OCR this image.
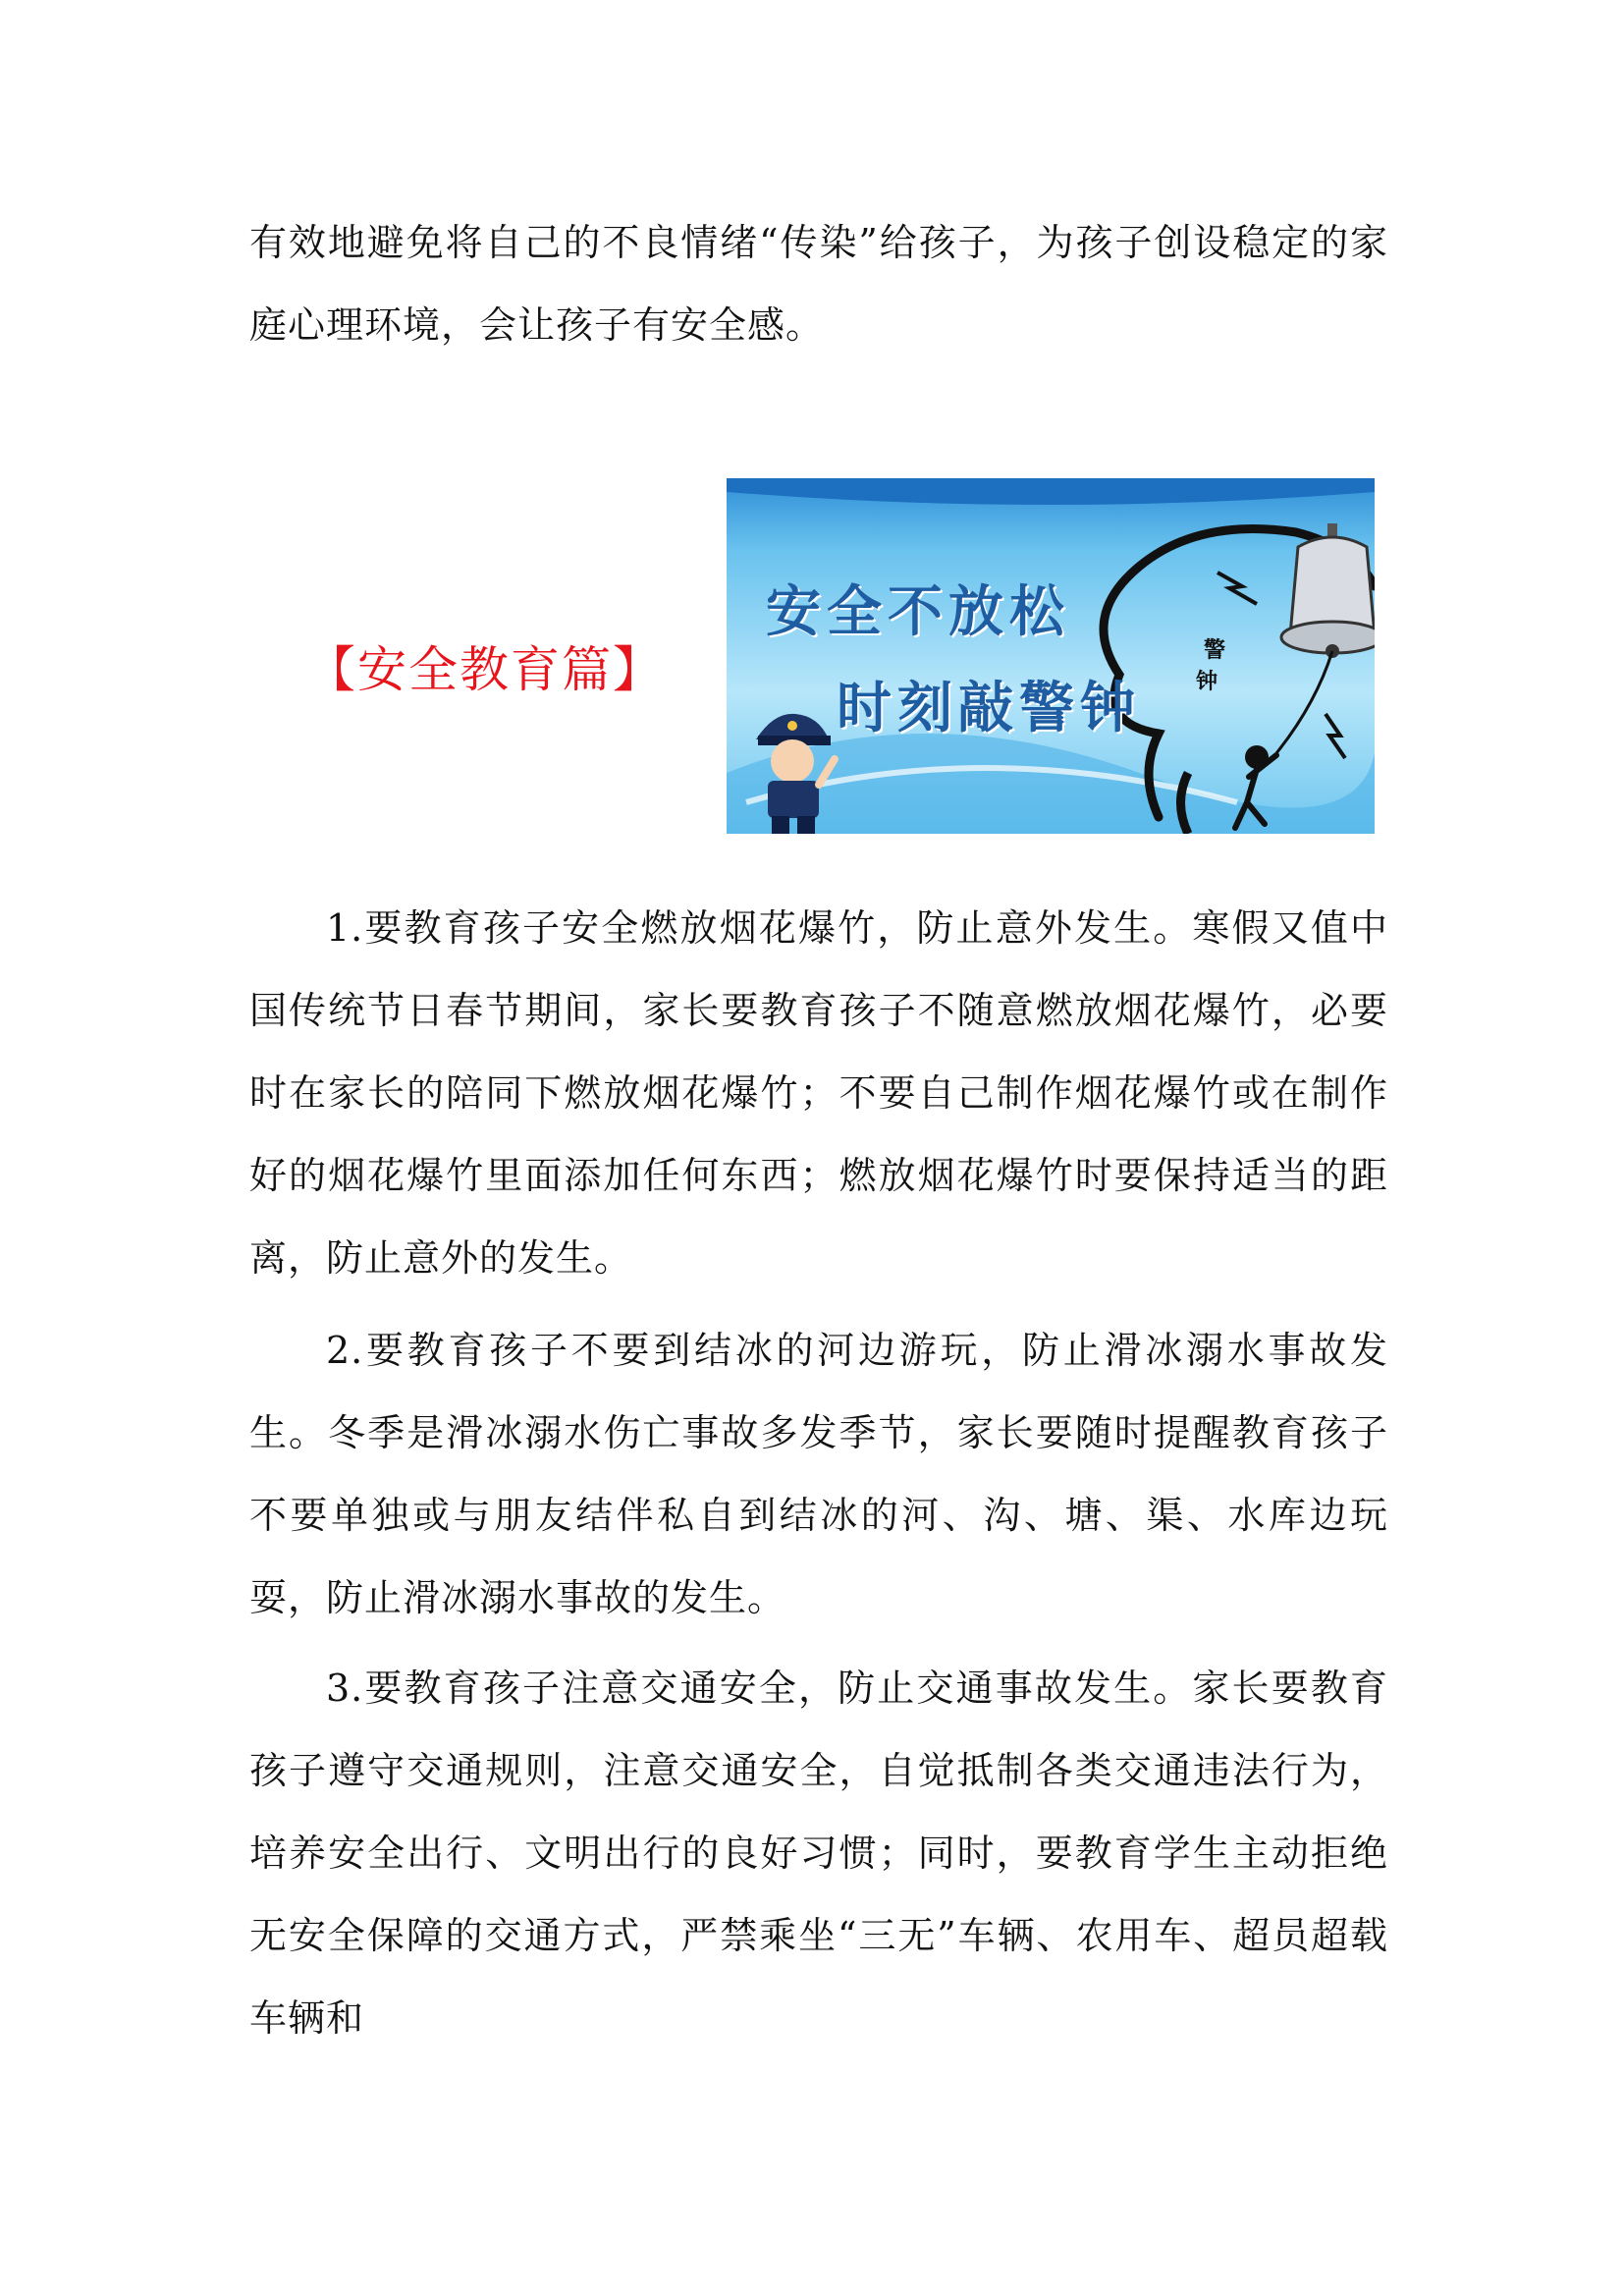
有效地避免将自己的不良情绪“传染”给孩子，为孩子创设稳定的家庭心理环境，会让孩子有安全感。

【安全教育篇】
安全不放松
时刻敲警钟
警
钟

1.要教育孩子安全燃放烟花爆竹，防止意外发生。寒假又值中国传统节日春节期间，家长要教育孩子不随意燃放烟花爆竹，必要时在家长的陪同下燃放烟花爆竹；不要自己制作烟花爆竹或在制作好的烟花爆竹里面添加任何东西；燃放烟花爆竹时要保持适当的距离，防止意外的发生。

2.要教育孩子不要到结冰的河边游玩，防止滑冰溺水事故发生。冬季是滑冰溺水伤亡事故多发季节，家长要随时提醒教育孩子不要单独或与朋友结伴私自到结冰的河、沟、塘、渠、水库边玩耍，防止滑冰溺水事故的发生。

3.要教育孩子注意交通安全，防止交通事故发生。家长要教育孩子遵守交通规则，注意交通安全，自觉抵制各类交通违法行为，培养安全出行、文明出行的良好习惯；同时，要教育学生主动拒绝无安全保障的交通方式，严禁乘坐“三无”车辆、农用车、超员超载车辆和
